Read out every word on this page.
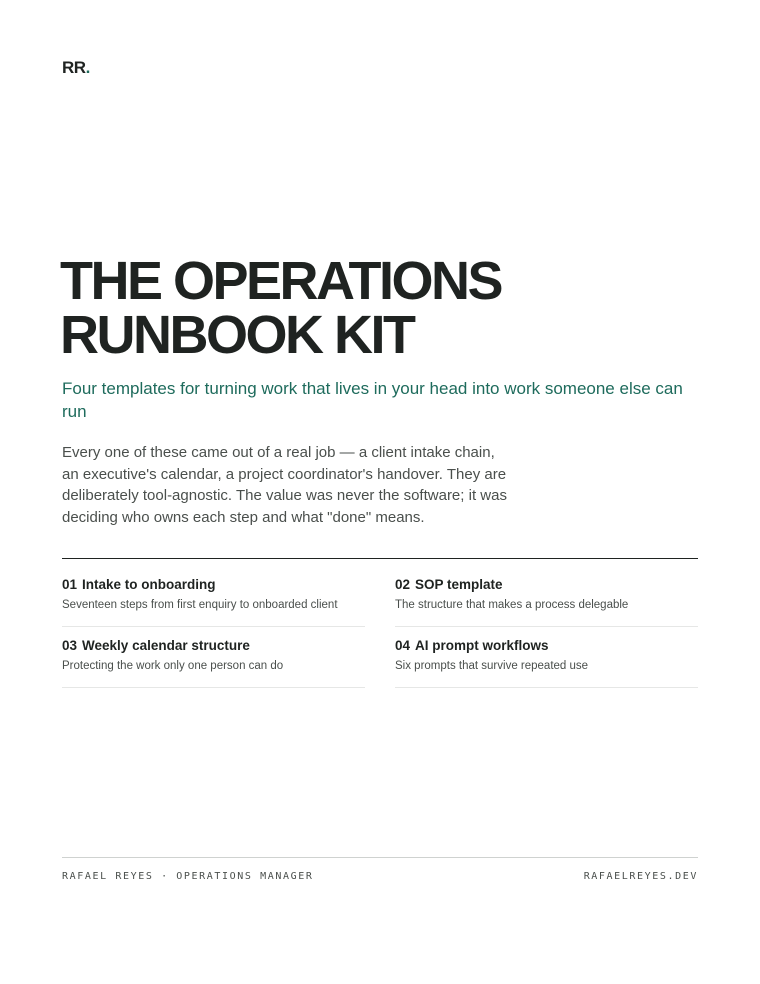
RR.
THE OPERATIONS
RUNBOOK KIT

Four templates for turning work that lives in your head into work someone else can run

Every one of these came out of a real job — a client intake chain, an executive's calendar, a project coordinator's handover. They are deliberately tool-agnostic. The value was never the software; it was deciding who owns each step and what "done" means.

01 Intake to onboarding
Seventeen steps from first enquiry to onboarded client
02 SOP template
The structure that makes a process delegable
03 Weekly calendar structure
Protecting the work only one person can do
04 AI prompt workflows
Six prompts that survive repeated use
RAFAEL REYES · OPERATIONS MANAGER	RAFAELREYES.DEV
